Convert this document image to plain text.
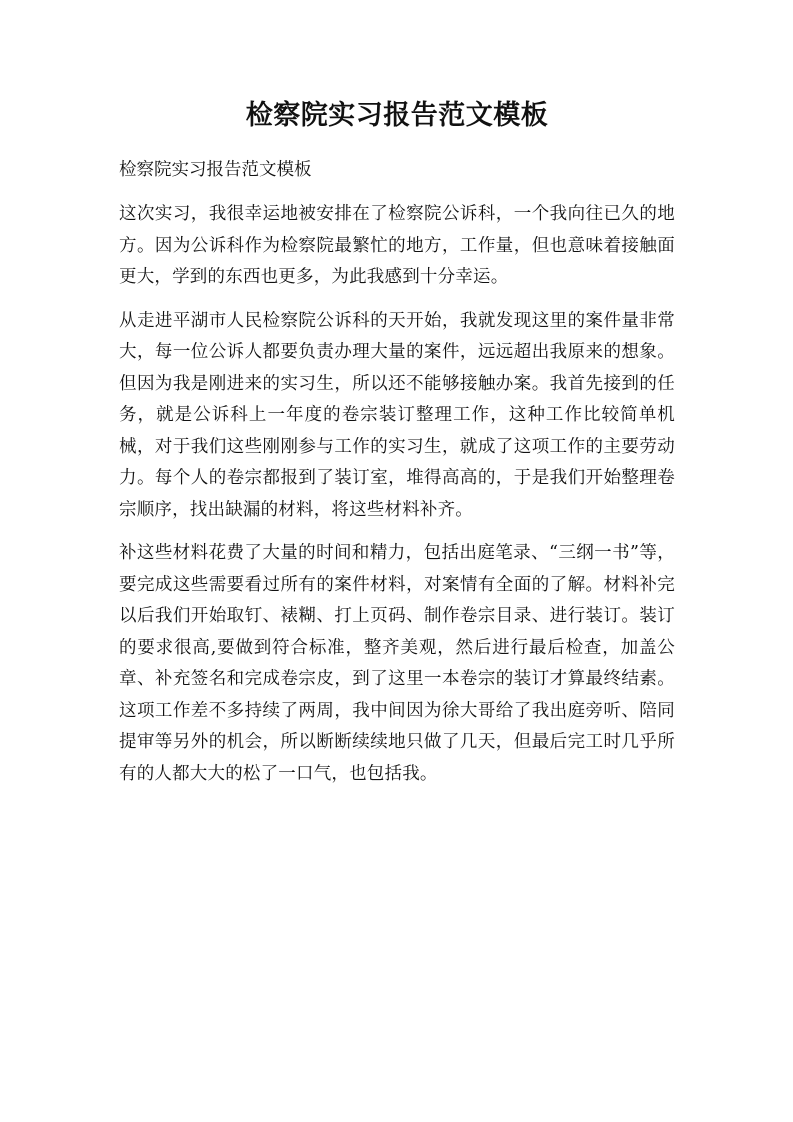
检察院实习报告范文模板

检察院实习报告范文模板

这次实习，我很幸运地被安排在了检察院公诉科，一个我向往已久的地方。因为公诉科作为检察院最繁忙的地方，工作量，但也意味着接触面更大，学到的东西也更多，为此我感到十分幸运。

从走进平湖市人民检察院公诉科的天开始，我就发现这里的案件量非常大，每一位公诉人都要负责办理大量的案件，远远超出我原来的想象。但因为我是刚进来的实习生，所以还不能够接触办案。我首先接到的任务，就是公诉科上一年度的卷宗装订整理工作，这种工作比较简单机械，对于我们这些刚刚参与工作的实习生，就成了这项工作的主要劳动力。每个人的卷宗都报到了装订室，堆得高高的，于是我们开始整理卷宗顺序，找出缺漏的材料，将这些材料补齐。

补这些材料花费了大量的时间和精力，包括出庭笔录、“三纲一书”等，要完成这些需要看过所有的案件材料，对案情有全面的了解。材料补完以后我们开始取钉、裱糊、打上页码、制作卷宗目录、进行装订。装订的要求很高,要做到符合标准，整齐美观，然后进行最后检查，加盖公章、补充签名和完成卷宗皮，到了这里一本卷宗的装订才算最终结素。这项工作差不多持续了两周，我中间因为徐大哥给了我出庭旁听、陪同提审等另外的机会，所以断断续续地只做了几天，但最后完工时几乎所有的人都大大的松了一口气，也包括我。
